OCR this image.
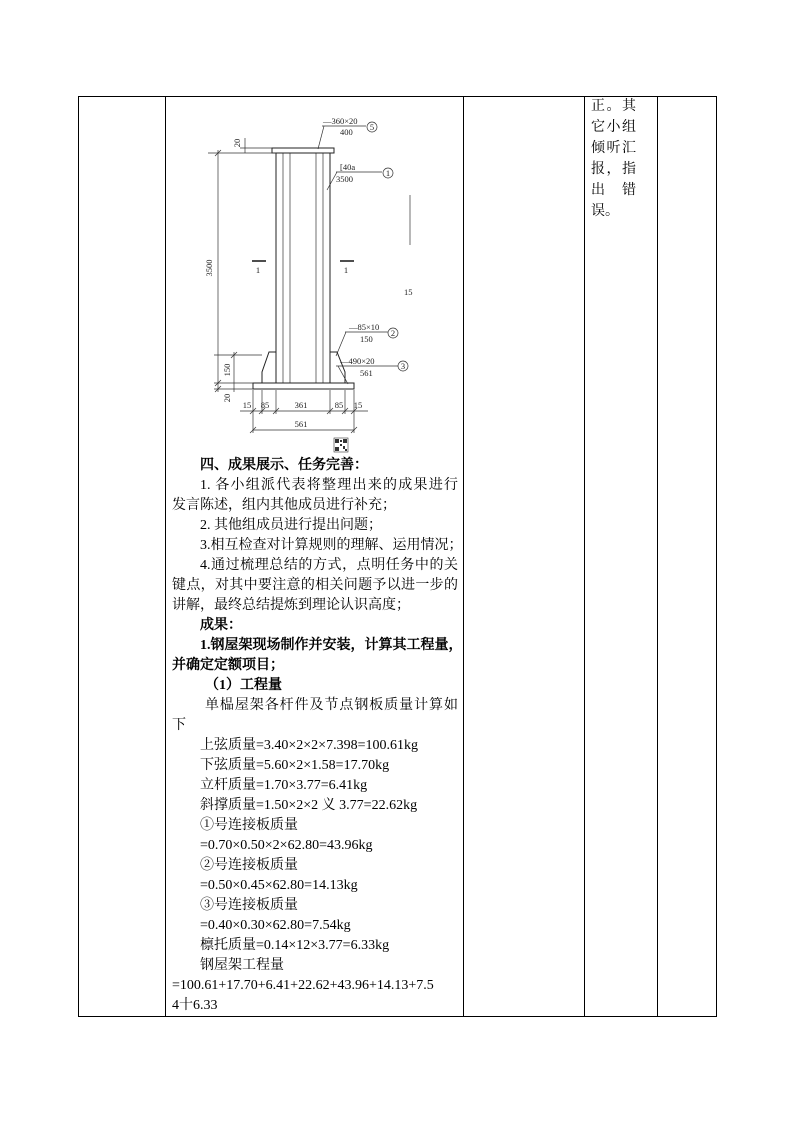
—360×20
400 5
[40a
3500
1
—85×10
150
2
—490×20
561
3
20
3500
150
20
1	1
15
15 85	361	85 15
561
四、成果展示、任务完善：
1. 各小组派代表将整理出来的成果进行
发言陈述，组内其他成员进行补充；
2. 其他组成员进行提出问题；
3.相互检查对计算规则的理解、运用情况；
4.通过梳理总结的方式，点明任务中的关
键点，对其中要注意的相关问题予以进一步的
讲解，最终总结提炼到理论认识高度；
成果：
1.钢屋架现场制作并安装，计算其工程量，
并确定定额项目；
（1）工程量
单榀屋架各杆件及节点钢板质量计算如
下
上弦质量=3.40×2×2×7.398=100.61kg
下弦质量=5.60×2×1.58=17.70kg
立杆质量=1.70×3.77=6.41kg
斜撑质量=1.50×2×2 义 3.77=22.62kg
①号连接板质量
=0.70×0.50×2×62.80=43.96kg
②号连接板质量
=0.50×0.45×62.80=14.13kg
③号连接板质量
=0.40×0.30×62.80=7.54kg
檩托质量=0.14×12×3.77=6.33kg
钢屋架工程量
=100.61+17.70+6.41+22.62+43.96+14.13+7.5
4十6.33
正。其
它小组
倾听汇
报，指
出错
误。
